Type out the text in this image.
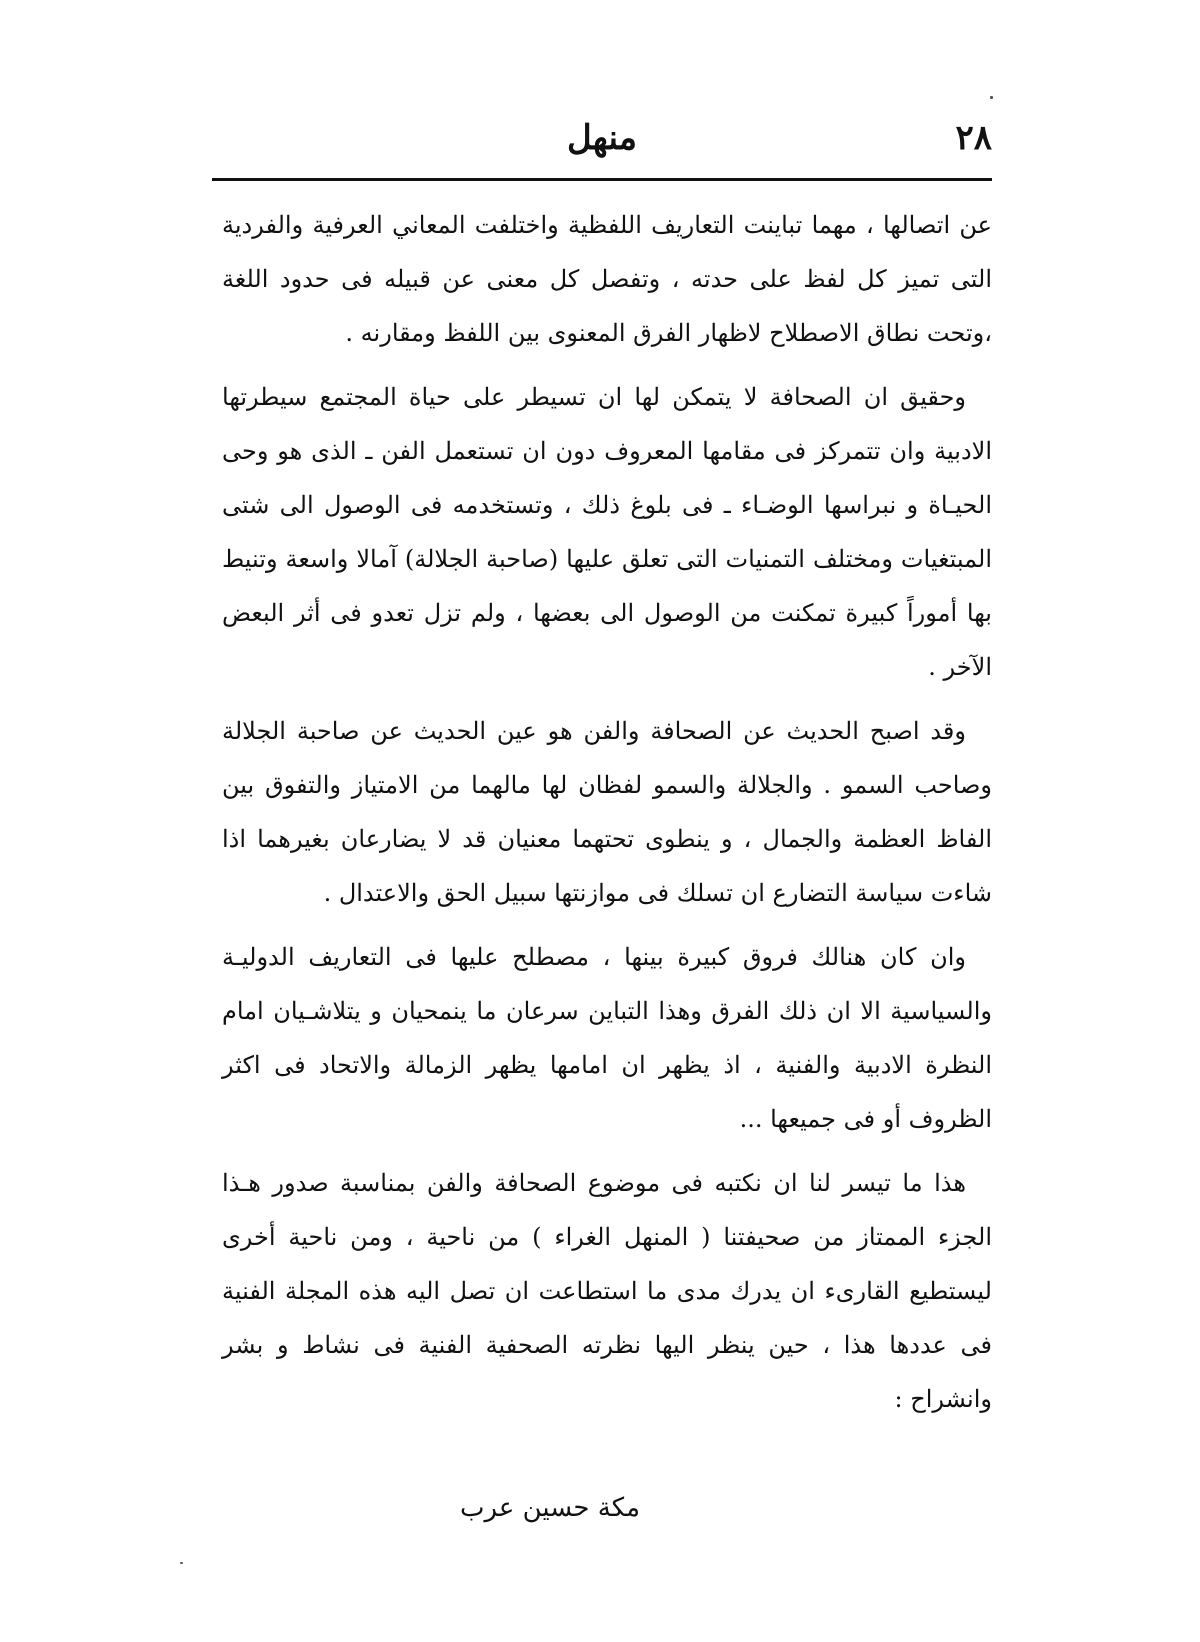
٢٨
منهل

عن اتصالها ، مهما تباينت التعاريف اللفظية واختلفت المعاني العرفية والفردية التى تميز كل لفظ على حدته ، وتفصل كل معنى عن قبيله فى حدود اللغة ،وتحت نطاق الاصطلاح لاظهار الفرق المعنوى بين اللفظ ومقارنه .

وحقيق ان الصحافة لا يتمكن لها ان تسيطر على حياة المجتمع سيطرتها الادبية وان تتمركز فى مقامها المعروف دون ان تستعمل الفن ـ الذى هو وحى الحيـاة و نبراسها الوضـاء ـ فى بلوغ ذلك ، وتستخدمه فى الوصول الى شتى المبتغيات ومختلف التمنيات التى تعلق عليها (صاحبة الجلالة) آمالا واسعة وتنيط بها أموراً كبيرة تمكنت من الوصول الى بعضها ، ولم تزل تعدو فى أثر البعض الآخر .

وقد اصبح الحديث عن الصحافة والفن هو عين الحديث عن صاحبة الجلالة وصاحب السمو . والجلالة والسمو لفظان لها مالهما من الامتياز والتفوق بين الفاظ العظمة والجمال ، و ينطوى تحتهما معنيان قد لا يضارعان بغيرهما اذا شاءت سياسة التضارع ان تسلك فى موازنتها سبيل الحق والاعتدال .

وان كان هنالك فروق كبيرة بينها ، مصطلح عليها فى التعاريف الدوليـة والسياسية الا ان ذلك الفرق وهذا التباين سرعان ما ينمحيان و يتلاشـيان امام النظرة الادبية والفنية ، اذ يظهر ان امامها يظهر الزمالة والاتحاد فى اكثر الظروف أو فى جميعها ...

هذا ما تيسر لنا ان نكتبه فى موضوع الصحافة والفن بمناسبة صدور هـذا الجزء الممتاز من صحيفتنا ( المنهل الغراء ) من ناحية ، ومن ناحية أخرى ليستطيع القارىء ان يدرك مدى ما استطاعت ان تصل اليه هذه المجلة الفنية فى عددها هذا ، حين ينظر اليها نظرته الصحفية الفنية فى نشاط و بشر وانشراح :

مكة حسين عرب
